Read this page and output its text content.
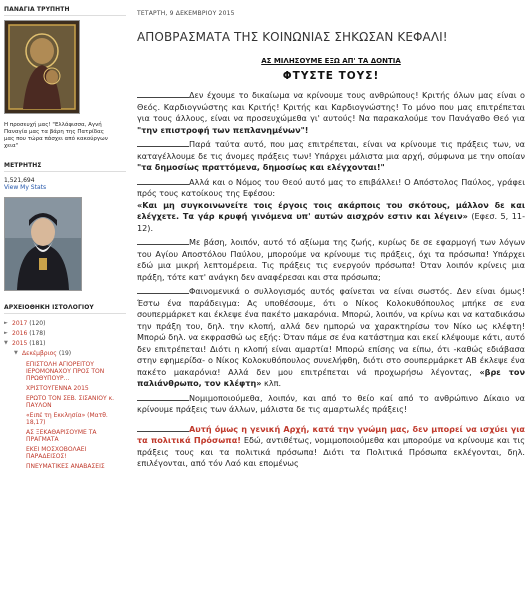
ΠΑΝΑΓΙΑ ΤΡΥΠΗΤΗ
Η προσευχή μας! "Ελλάφισσα, Αγνή Παναγία μας τα βάρη της Πατρίδας μας που τώρα πάσχει από κακούργων χεια"
ΜΕΤΡΗΤΗΣ
1,521,694
View My Stats
ΑΡΧΕΙΟΘΗΚΗ ΙΣΤΟΛΟΓΙΟΥ
► 2017 (120)
► 2016 (178)
▼ 2015 (181)
▼ Δεκέμβριος (19)
ΕΠΙΣΤΟΛΗ ΑΓΙΟΡΕΙΤΟΥ ΙΕΡΟΜΟΝΑΧΟΥ ΠΡΟΣ ΤΟΝ ΠΡΩΘΥΠΟΥΡ...
ΧΡΙΣΤΟΥΓΕΝΝΑ 2015
ΕΡΩΤΟ ΤΟΝ ΣΕΒ. ΣΙΣΑΝΙΟΥ κ. ΠΑΥΛΟΝ
«Ειπέ τη Εκκλησία» (Ματθ. 18,17)
ΑΣ ΞΕΚΑΘΑΡΙΣΟΥΜΕ ΤΑ ΠΡΑΓΜΑΤΑ
ΕΚΕΙ ΜΟΣΧΟΒΟΛΑΕΙ ΠΑΡΑΔΕΙΣΟΣ!
ΠΝΕΥΜΑΤΙΚΕΣ ΑΝΑΒΑΣΕΙΣ
ΤΕΤΑΡΤΗ, 9 ΔΕΚΕΜΒΡΙΟΥ 2015
ΑΠΟΒΡΑΣΜΑΤΑ ΤΗΣ ΚΟΙΝΩΝΙΑΣ ΣΗΚΩΣΑΝ ΚΕΦΑΛΙ!
ΑΣ ΜΙΛΗΣΟΥΜΕ ΕΞΩ ΑΠ' ΤΑ ΔΟΝΤΙΑ
ΦΤΥΣΤΕ ΤΟΥΣ!

Δεν έχουμε το δικαίωμα να κρίνουμε τους ανθρώπους! Κριτής όλων μας είναι ο Θεός. Καρδιογνώστης και Κριτής! Κριτής και Καρδιογνώστης! Το μόνο που μας επιτρέπεται για τους άλλους, είναι να προσευχώμεθα γι' αυτούς! Να παρακαλούμε τον Πανάγαθο Θεό για "την επιστροφή των πεπλανημένων"!

Παρά ταύτα αυτό, που μας επιτρέπεται, είναι να κρίνουμε τις πράξεις των, να καταγέλλουμε δε τις άνομες πράξεις των! Υπάρχει μάλιστα μια αρχή, σύμφωνα με την οποίαν "τα δημοσίως πραττόμενα, δημοσίως και ελέγχονται!"

Αλλά και ο Νόμος του Θεού αυτό μας το επιβάλλει! Ο Απόστολος Παύλος, γράφει πρός τους κατοίκους της Εφέσου:
«Και μη συγκοινωνείτε τοις έργοις τοις ακάρποις του σκότους, μάλλον δε και ελέγχετε. Τα γάρ κρυφή γινόμενα υπ' αυτών αισχρόν εστιν και λέγειν» (Εφεσ. 5, 11-12).

Με βάση, λοιπόν, αυτό τό αξίωμα της ζωής, κυρίως δε σε εφαρμογή των λόγων του Αγίου Αποστόλου Παύλου, μπορούμε να κρίνουμε τις πράξεις, όχι τα πρόσωπα! Υπάρχει εδώ μια μικρή λεπτομέρεια. Τις πράξεις τις ενεργούν πρόσωπα! Όταν λοιπόν κρίνεις μια πράξη, τότε κατ' ανάγκη δεν αναφέρεσαι και στα πρόσωπα;

Φαινομενικά ο συλλογισμός αυτός φαίνεται να είναι σωστός. Δεν είναι όμως! Έστω ένα παράδειγμα: Ας υποθέσουμε, ότι ο Νίκος Κολοκυθόπουλος μπήκε σε ενα σουπερμάρκετ και έκλεψε ένα πακέτο μακαρόνια. Μπορώ, λοιπόν, να κρίνω και να καταδικάσω την πράξη του, δηλ. την κλοπή, αλλά δεν ημπορώ να χαρακτηρίσω τον Νίκο ως κλέφτη! Μπορώ δηλ. να εκφρασθώ ως εξής: Όταν πάμε σε ένα κατάστημα και εκεί κλέψουμε κάτι, αυτό δεν επιτρέπεται! Διότι η κλοπή είναι αμαρτία! Μπορώ επίσης να είπω, ότι -καθώς εδιάβασα στην εφημερίδα- ο Νίκος Κολοκυθόπουλος συνελήφθη, διότι στο σουπερμάρκετ ΑΒ έκλεψε ένα πακέτο μακαρόνια! Αλλά δεν μου επιτρέπεται νά προχωρήσω λέγοντας, «βρε τον παλιάνθρωπο, τον κλέφτη» κλπ.

Νομιμοποιούμεθα, λοιπόν, και από το θείο καί από το ανθρώπινο Δίκαιο να κρίνουμε πράξεις των άλλων, μάλιστα δε τις αμαρτωλές πράξεις!

Αυτή όμως η γενική Αρχή, κατά την γνώμη μας, δεν μπορεί να ισχύει για τα πολιτικά Πρόσωπα! Εδώ, αντιθέτως, νομιμοποιούμεθα και μπορούμε να κρίνουμε και τις πράξεις τους και τα πολιτικά πρόσωπα! Διότι τα Πολιτικά Πρόσωπα εκλέγονται, δηλ. επιλέγονται, από τόν Λαό και επομένως
